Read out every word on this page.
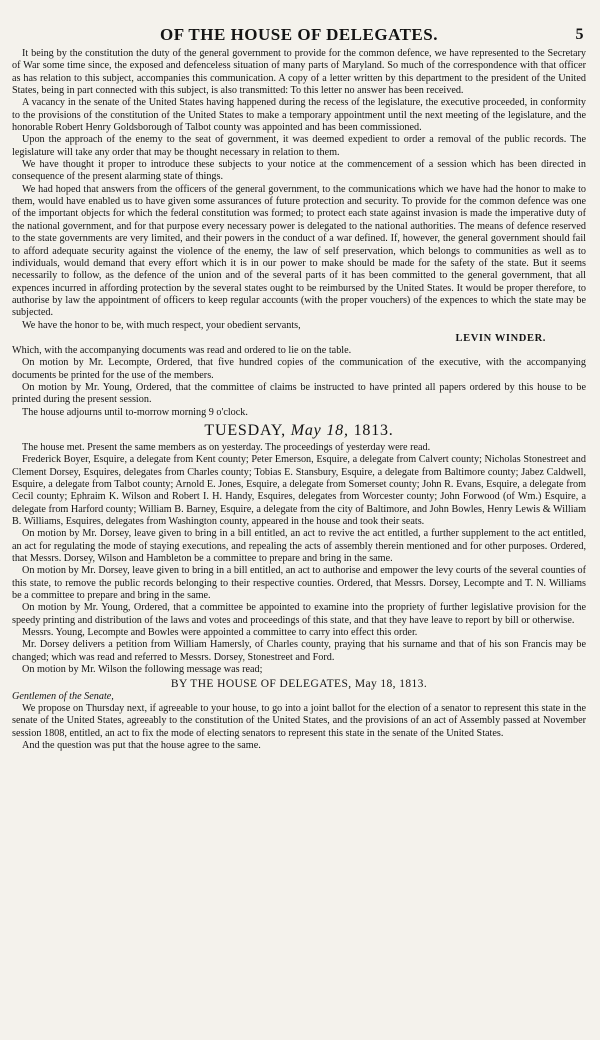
OF THE HOUSE OF DELEGATES.	5

It being by the constitution the duty of the general government to provide for the common defence, we have represented to the Secretary of War some time since, the exposed and defenceless situation of many parts of Maryland. So much of the correspondence with that officer as has relation to this subject, accompanies this communication. A copy of a letter written by this department to the president of the United States, being in part connected with this subject, is also transmitted: To this letter no answer has been received.

A vacancy in the senate of the United States having happened during the recess of the legislature, the executive proceeded, in conformity to the provisions of the constitution of the United States to make a temporary appointment until the next meeting of the legislature, and the honorable Robert Henry Goldsborough of Talbot county was appointed and has been commissioned.

Upon the approach of the enemy to the seat of government, it was deemed expedient to order a removal of the public records. The legislature will take any order that may be thought necessary in relation to them.

We have thought it proper to introduce these subjects to your notice at the commencement of a session which has been directed in consequence of the present alarming state of things.

We had hoped that answers from the officers of the general government, to the communications which we have had the honor to make to them, would have enabled us to have given some assurances of future protection and security. To provide for the common defence was one of the important objects for which the federal constitution was formed; to protect each state against invasion is made the imperative duty of the national government, and for that purpose every necessary power is delegated to the national authorities. The means of defence reserved to the state governments are very limited, and their powers in the conduct of a war defined. If, however, the general government should fail to afford adequate security against the violence of the enemy, the law of self preservation, which belongs to communities as well as to individuals, would demand that every effort which it is in our power to make should be made for the safety of the state. But it seems necessarily to follow, as the defence of the union and of the several parts of it has been committed to the general government, that all expences incurred in affording protection by the several states ought to be reimbursed by the United States. It would be proper therefore, to authorise by law the appointment of officers to keep regular accounts (with the proper vouchers) of the expences to which the state may be subjected.

We have the honor to be, with much respect, your obedient servants,

LEVIN WINDER.

Which, with the accompanying documents was read and ordered to lie on the table.

On motion by Mr. Lecompte, Ordered, that five hundred copies of the communication of the executive, with the accompanying documents be printed for the use of the members.

On motion by Mr. Young, Ordered, that the committee of claims be instructed to have printed all papers ordered by this house to be printed during the present session.

The house adjourns until to-morrow morning 9 o'clock.

TUESDAY, May 18, 1813.

The house met. Present the same members as on yesterday. The proceedings of yesterday were read.

Frederick Boyer, Esquire, a delegate from Kent county; Peter Emerson, Esquire, a delegate from Calvert county; Nicholas Stonestreet and Clement Dorsey, Esquires, delegates from Charles county; Tobias E. Stansbury, Esquire, a delegate from Baltimore county; Jabez Caldwell, Esquire, a delegate from Talbot county; Arnold E. Jones, Esquire, a delegate from Somerset county; John R. Evans, Esquire, a delegate from Cecil county; Ephraim K. Wilson and Robert I. H. Handy, Esquires, delegates from Worcester county; John Forwood (of Wm.) Esquire, a delegate from Harford county; William B. Barney, Esquire, a delegate from the city of Baltimore, and John Bowles, Henry Lewis & William B. Williams, Esquires, delegates from Washington county, appeared in the house and took their seats.

On motion by Mr. Dorsey, leave given to bring in a bill entitled, an act to revive the act entitled, a further supplement to the act entitled, an act for regulating the mode of staying executions, and repealing the acts of assembly therein mentioned and for other purposes. Ordered, that Messrs. Dorsey, Wilson and Hambleton be a committee to prepare and bring in the same.

On motion by Mr. Dorsey, leave given to bring in a bill entitled, an act to authorise and empower the levy courts of the several counties of this state, to remove the public records belonging to their respective counties. Ordered, that Messrs. Dorsey, Lecompte and T. N. Williams be a committee to prepare and bring in the same.

On motion by Mr. Young, Ordered, that a committee be appointed to examine into the propriety of further legislative provision for the speedy printing and distribution of the laws and votes and proceedings of this state, and that they have leave to report by bill or otherwise.

Messrs. Young, Lecompte and Bowles were appointed a committee to carry into effect this order.

Mr. Dorsey delivers a petition from William Hamersly, of Charles county, praying that his surname and that of his son Francis may be changed; which was read and referred to Messrs. Dorsey, Stonestreet and Ford.

On motion by Mr. Wilson the following message was read;

BY THE HOUSE OF DELEGATES, May 18, 1813.
Gentlemen of the Senate,

We propose on Thursday next, if agreeable to your house, to go into a joint ballot for the election of a senator to represent this state in the senate of the United States, agreeably to the constitution of the United States, and the provisions of an act of Assembly passed at November session 1808, entitled, an act to fix the mode of electing senators to represent this state in the senate of the United States.

And the question was put that the house agree to the same.
